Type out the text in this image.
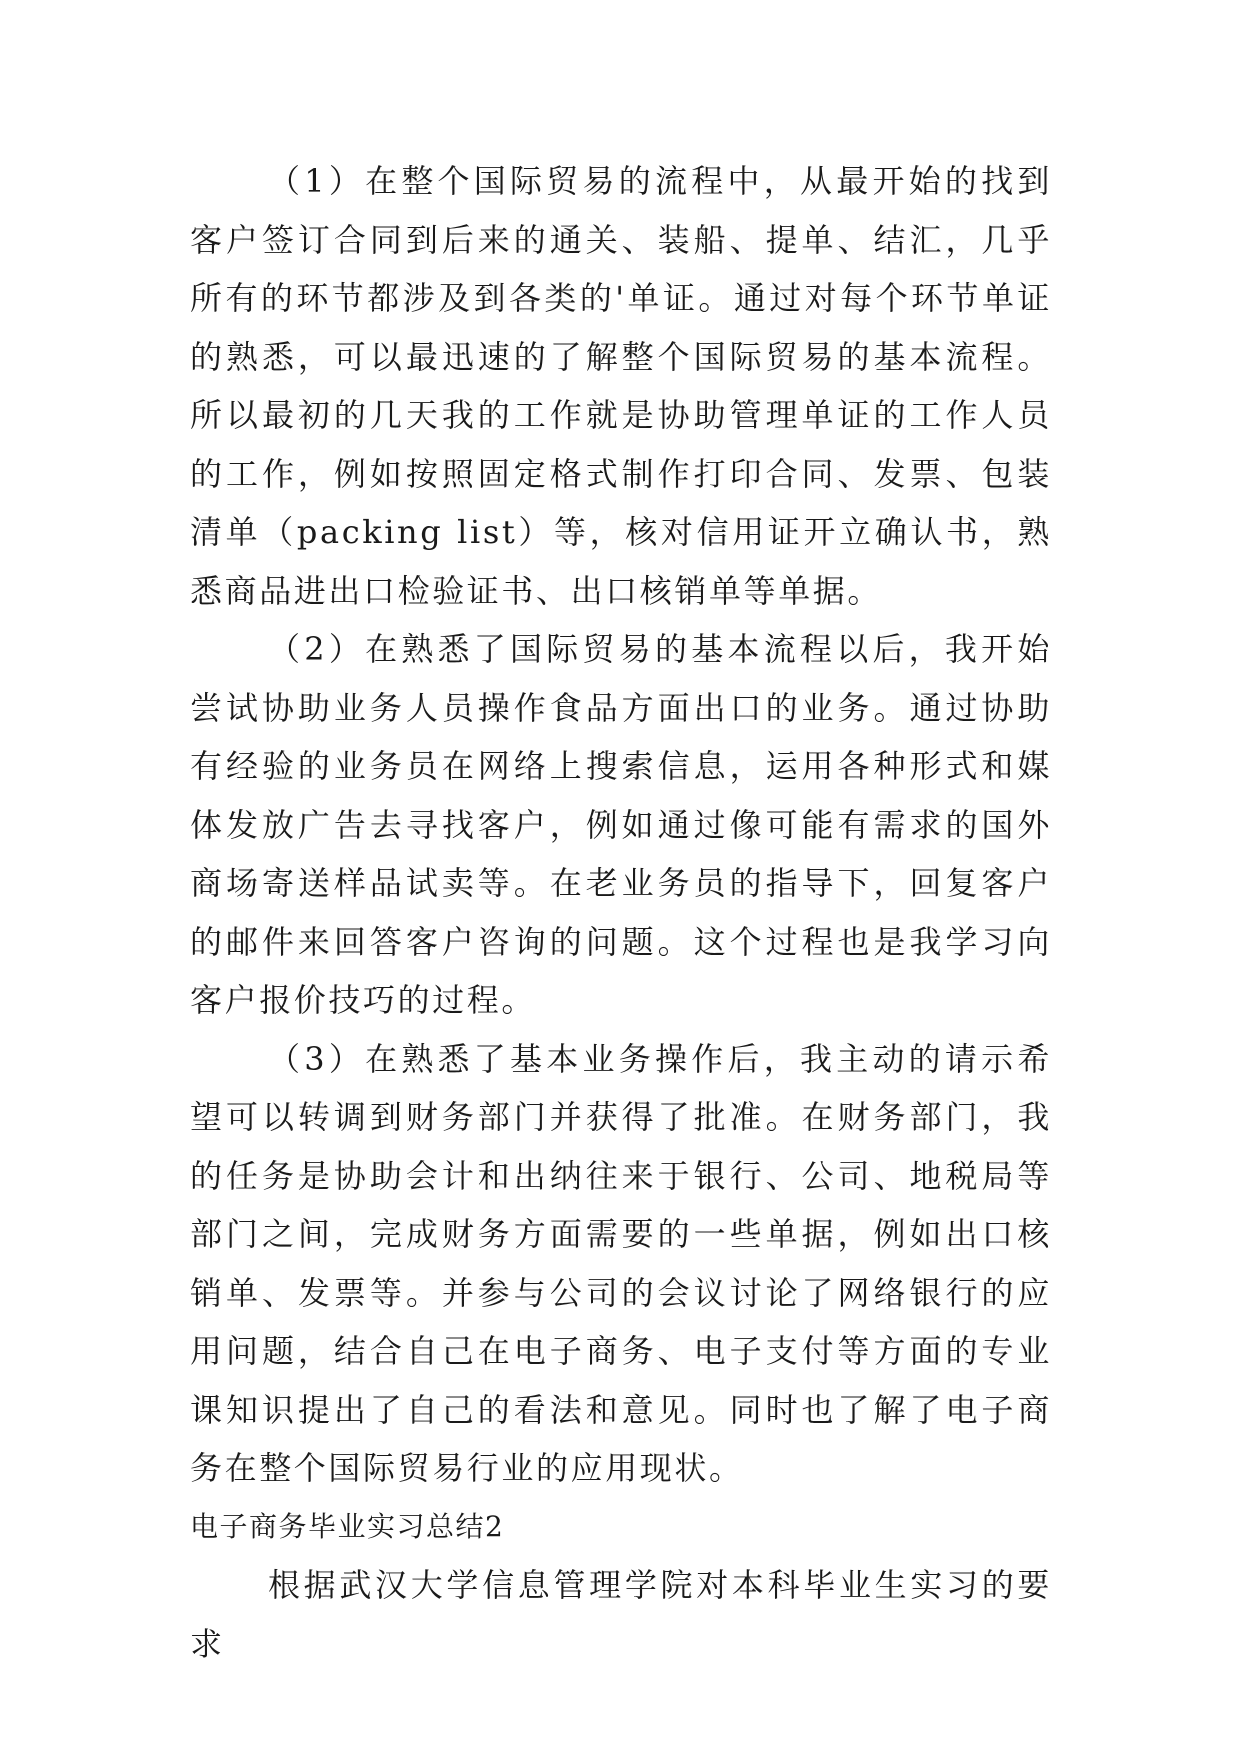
（1）在整个国际贸易的流程中，从最开始的找到客户签订合同到后来的通关、装船、提单、结汇，几乎所有的环节都涉及到各类的'单证。通过对每个环节单证的熟悉，可以最迅速的了解整个国际贸易的基本流程。所以最初的几天我的工作就是协助管理单证的工作人员的工作，例如按照固定格式制作打印合同、发票、包装清单（packing list）等，核对信用证开立确认书，熟悉商品进出口检验证书、出口核销单等单据。

（2）在熟悉了国际贸易的基本流程以后，我开始尝试协助业务人员操作食品方面出口的业务。通过协助有经验的业务员在网络上搜索信息，运用各种形式和媒体发放广告去寻找客户，例如通过像可能有需求的国外商场寄送样品试卖等。在老业务员的指导下，回复客户的邮件来回答客户咨询的问题。这个过程也是我学习向客户报价技巧的过程。

（3）在熟悉了基本业务操作后，我主动的请示希望可以转调到财务部门并获得了批准。在财务部门，我的任务是协助会计和出纳往来于银行、公司、地税局等部门之间，完成财务方面需要的一些单据，例如出口核销单、发票等。并参与公司的会议讨论了网络银行的应用问题，结合自己在电子商务、电子支付等方面的专业课知识提出了自己的看法和意见。同时也了解了电子商务在整个国际贸易行业的应用现状。

电子商务毕业实习总结2

根据武汉大学信息管理学院对本科毕业生实习的要求
